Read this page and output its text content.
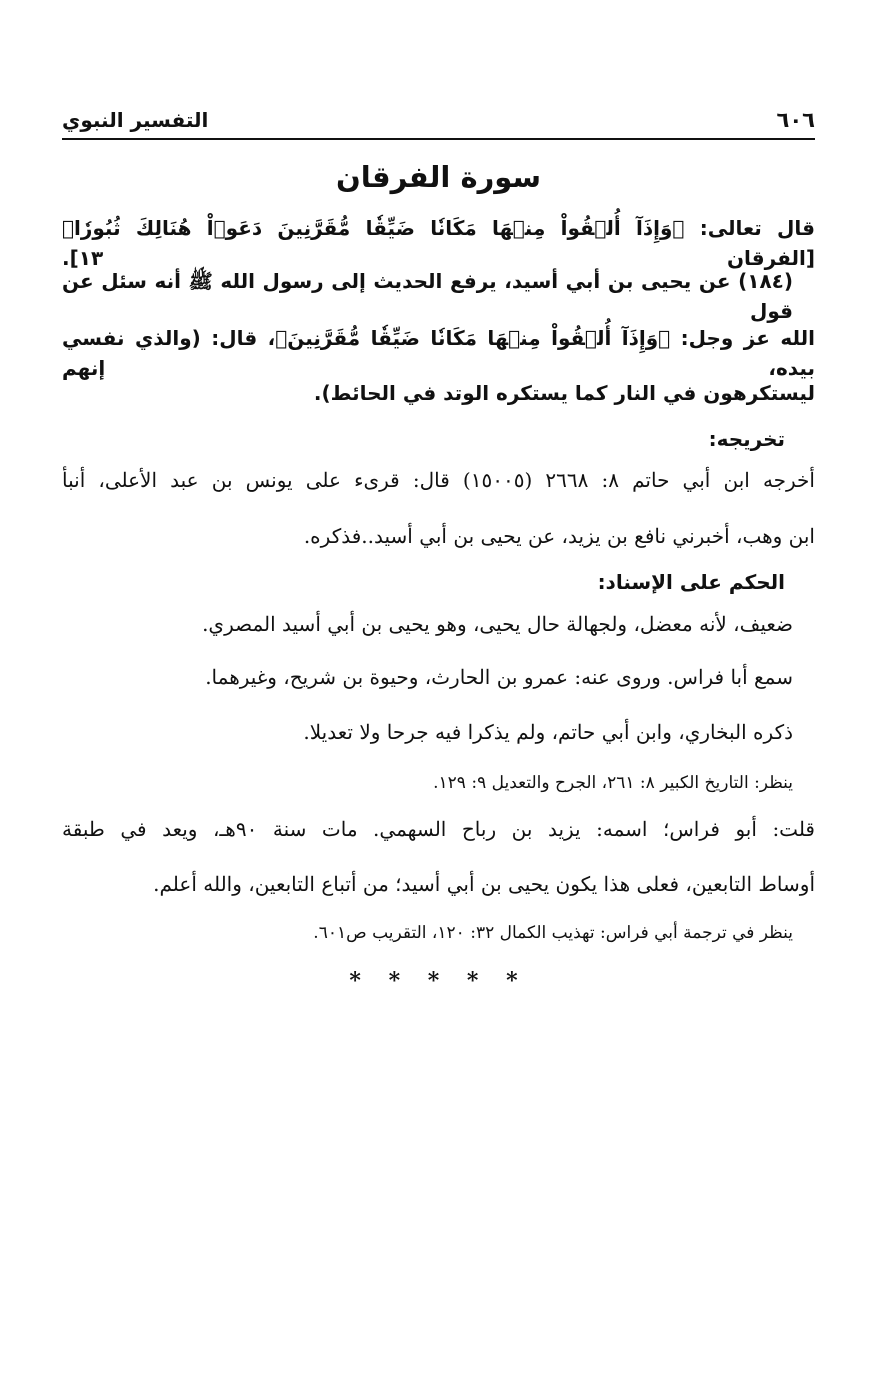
٦٠٦
التفسير النبوي
سورة الفرقان
قال تعالى: ﴿وَإِذَآ أُلۡقُواْ مِنۡهَا مَكَانٗا ضَيِّقٗا مُّقَرَّنِينَ دَعَوۡاْ هُنَالِكَ ثُبُورٗا﴾ [الفرقان ١٣].
(١٨٤) عن يحيى بن أبي أسيد، يرفع الحديث إلى رسول الله ﷺ أنه سئل عن قول
الله عز وجل: ﴿وَإِذَآ أُلۡقُواْ مِنۡهَا مَكَانٗا ضَيِّقٗا مُّقَرَّنِينَ﴾، قال: (والذي نفسي بيده، إنهم
ليستكرهون في النار كما يستكره الوتد في الحائط).
تخريجه:
أخرجه ابن أبي حاتم ٨: ٢٦٦٨ (١٥٠٠٥) قال: قرىء على يونس بن عبد الأعلى، أنبأ
ابن وهب، أخبرني نافع بن يزيد، عن يحيى بن أبي أسيد..فذكره.
الحكم على الإسناد:
ضعيف، لأنه معضل، ولجهالة حال يحيى، وهو يحيى بن أبي أسيد المصري.
سمع أبا فراس. وروى عنه: عمرو بن الحارث، وحيوة بن شريح، وغيرهما.
ذكره البخاري، وابن أبي حاتم، ولم يذكرا فيه جرحا ولا تعديلا.
ينظر: التاريخ الكبير ٨: ٢٦١، الجرح والتعديل ٩: ١٢٩.
قلت: أبو فراس؛ اسمه: يزيد بن رباح السهمي. مات سنة ٩٠هـ، ويعد في طبقة
أوساط التابعين، فعلى هذا يكون يحيى بن أبي أسيد؛ من أتباع التابعين، والله أعلم.
ينظر في ترجمة أبي فراس: تهذيب الكمال ٣٢: ١٢٠، التقريب ص٦٠١.
* * * * *
